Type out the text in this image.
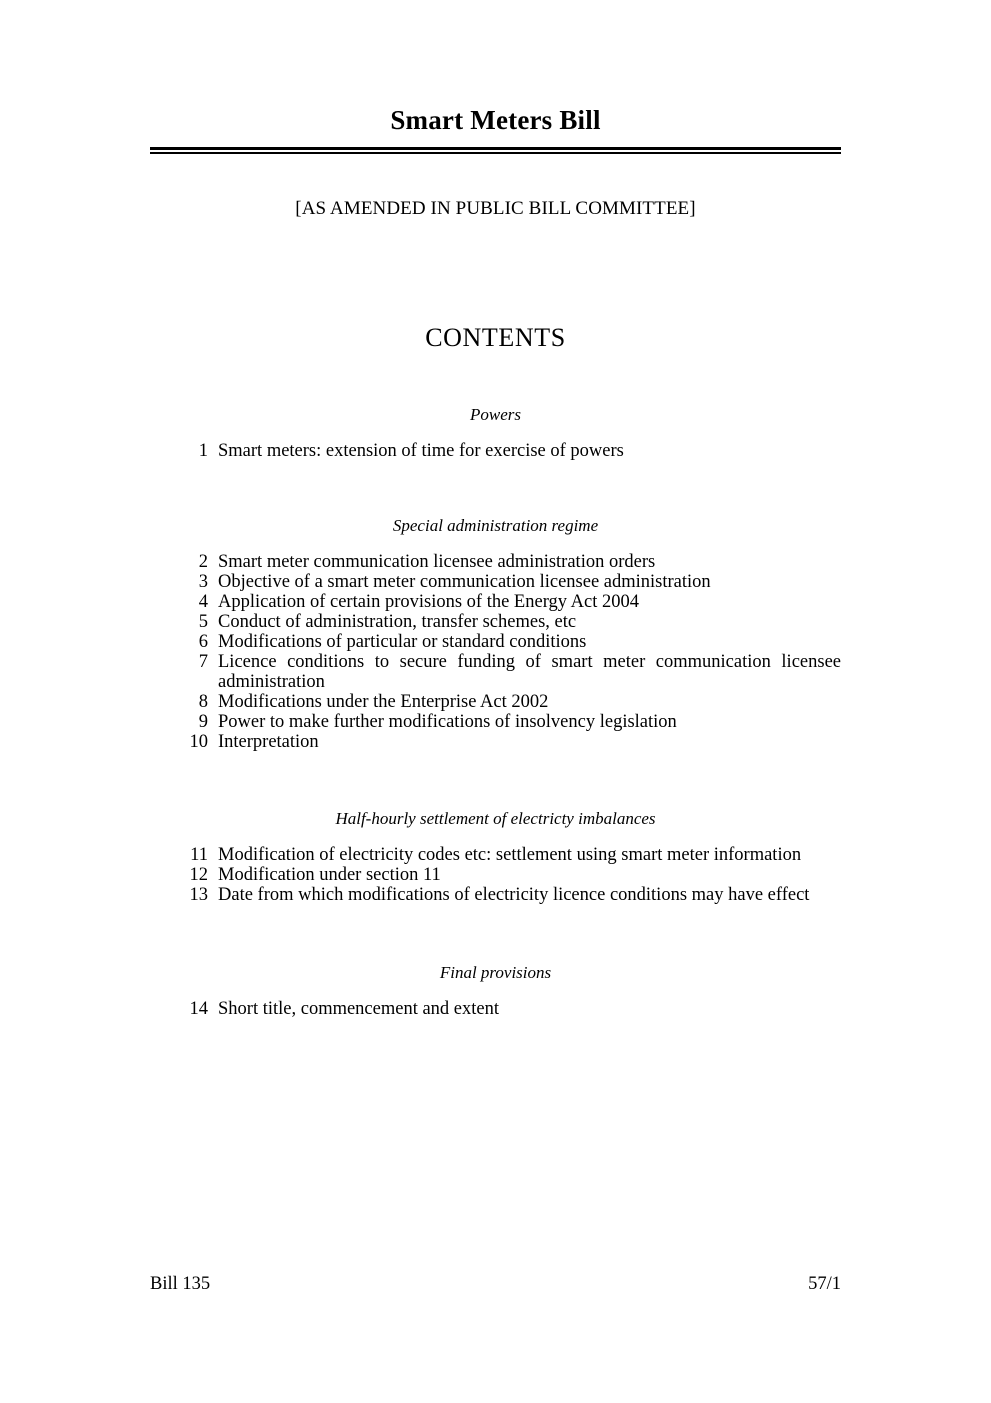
Smart Meters Bill

[AS AMENDED IN PUBLIC BILL COMMITTEE]

CONTENTS
Powers
1 Smart meters: extension of time for exercise of powers
Special administration regime
2 Smart meter communication licensee administration orders
3 Objective of a smart meter communication licensee administration
4 Application of certain provisions of the Energy Act 2004
5 Conduct of administration, transfer schemes, etc
6 Modifications of particular or standard conditions
7 Licence conditions to secure funding of smart meter communication licensee administration
8 Modifications under the Enterprise Act 2002
9 Power to make further modifications of insolvency legislation
10 Interpretation
Half-hourly settlement of electricty imbalances
11 Modification of electricity codes etc: settlement using smart meter information
12 Modification under section 11
13 Date from which modifications of electricity licence conditions may have effect
Final provisions
14 Short title, commencement and extent
Bill 135	57/1
